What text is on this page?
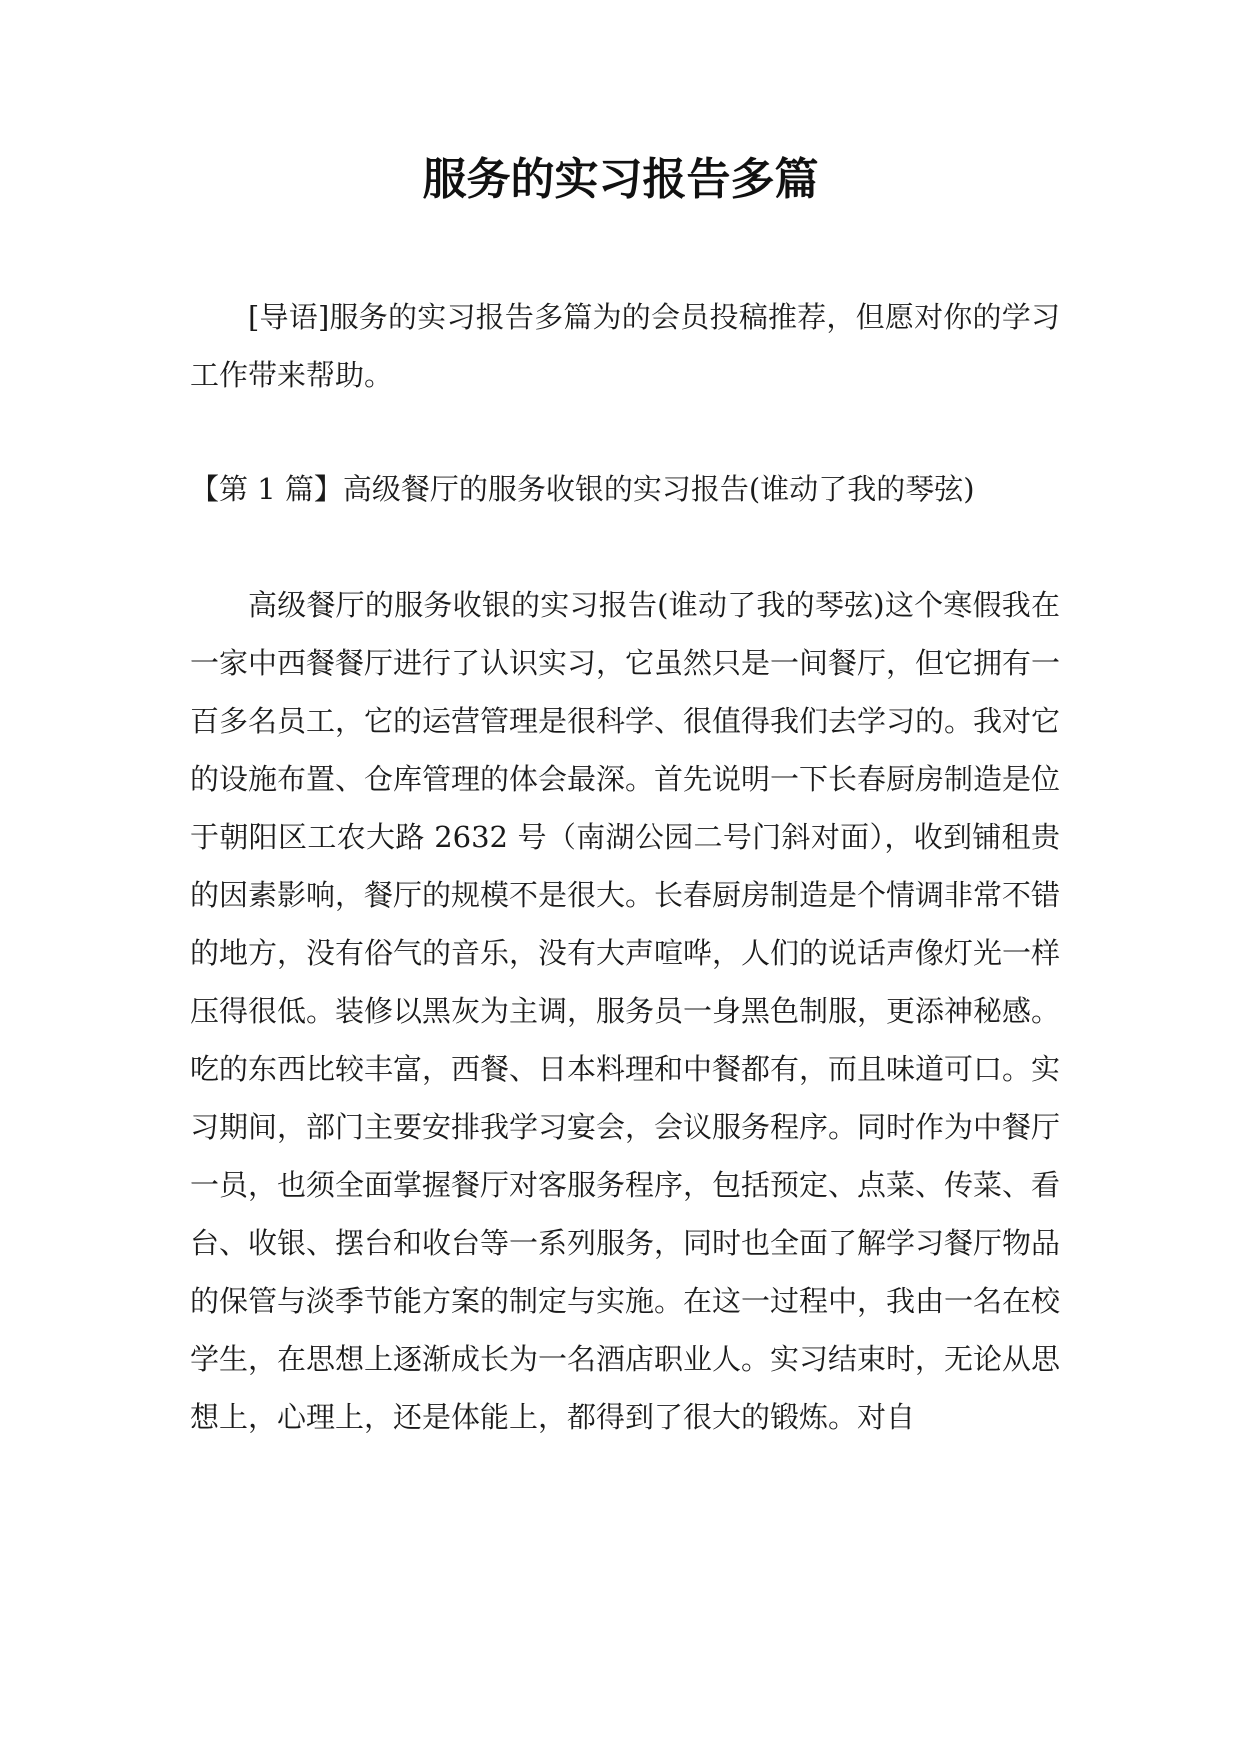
服务的实习报告多篇

[导语]服务的实习报告多篇为的会员投稿推荐，但愿对你的学习工作带来帮助。

【第 1 篇】高级餐厅的服务收银的实习报告(谁动了我的琴弦)

高级餐厅的服务收银的实习报告(谁动了我的琴弦)这个寒假我在一家中西餐餐厅进行了认识实习，它虽然只是一间餐厅，但它拥有一百多名员工，它的运营管理是很科学、很值得我们去学习的。我对它的设施布置、仓库管理的体会最深。首先说明一下长春厨房制造是位于朝阳区工农大路 2632 号（南湖公园二号门斜对面），收到铺租贵的因素影响，餐厅的规模不是很大。长春厨房制造是个情调非常不错的地方，没有俗气的音乐，没有大声喧哗，人们的说话声像灯光一样压得很低。装修以黑灰为主调，服务员一身黑色制服，更添神秘感。吃的东西比较丰富，西餐、日本料理和中餐都有，而且味道可口。实习期间，部门主要安排我学习宴会，会议服务程序。同时作为中餐厅一员，也须全面掌握餐厅对客服务程序，包括预定、点菜、传菜、看台、收银、摆台和收台等一系列服务，同时也全面了解学习餐厅物品的保管与淡季节能方案的制定与实施。在这一过程中，我由一名在校学生，在思想上逐渐成长为一名酒店职业人。实习结束时，无论从思想上，心理上，还是体能上，都得到了很大的锻炼。对自
